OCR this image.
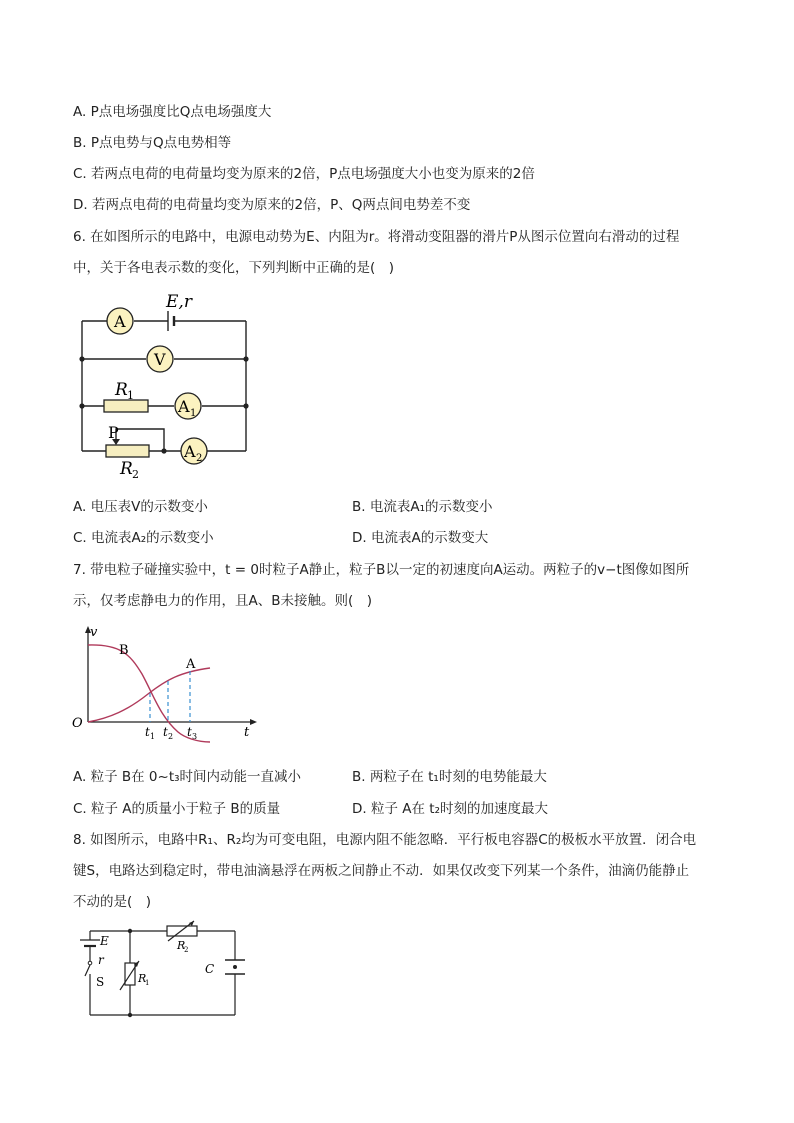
A. P点电场强度比Q点电场强度大
B. P点电势与Q点电势相等
C. 若两点电荷的电荷量均变为原来的2倍，P点电场强度大小也变为原来的2倍
D. 若两点电荷的电荷量均变为原来的2倍，P、Q两点间电势差不变
6. 在如图所示的电路中，电源电动势为E、内阻为r。将滑动变阻器的滑片P从图示位置向右滑动的过程
中，关于各电表示数的变化，下列判断中正确的是(　)
E,r
A
V
R 1
A 1
P
R 2
A 2
A. 电压表V的示数变小	B. 电流表A₁的示数变小
C. 电流表A₂的示数变小	D. 电流表A的示数变大
7. 带电粒子碰撞实验中，t = 0时粒子A静止，粒子B以一定的初速度向A运动。两粒子的v−t图像如图所
示，仅考虑静电力的作用，且A、B未接触。则(　)
v
t
O
B
A
t 1 t 2 t 3
A. 粒子 B在 0~t₃时间内动能一直减小	B. 两粒子在 t₁时刻的电势能最大
C. 粒子 A的质量小于粒子 B的质量	D. 粒子 A在 t₂时刻的加速度最大
8. 如图所示，电路中R₁、R₂均为可变电阻，电源内阻不能忽略．平行板电容器C的极板水平放置．闭合电
键S，电路达到稳定时，带电油滴悬浮在两板之间静止不动．如果仅改变下列某一个条件，油滴仍能静止
不动的是(　)
E
r
S	R
1
R
2
C
